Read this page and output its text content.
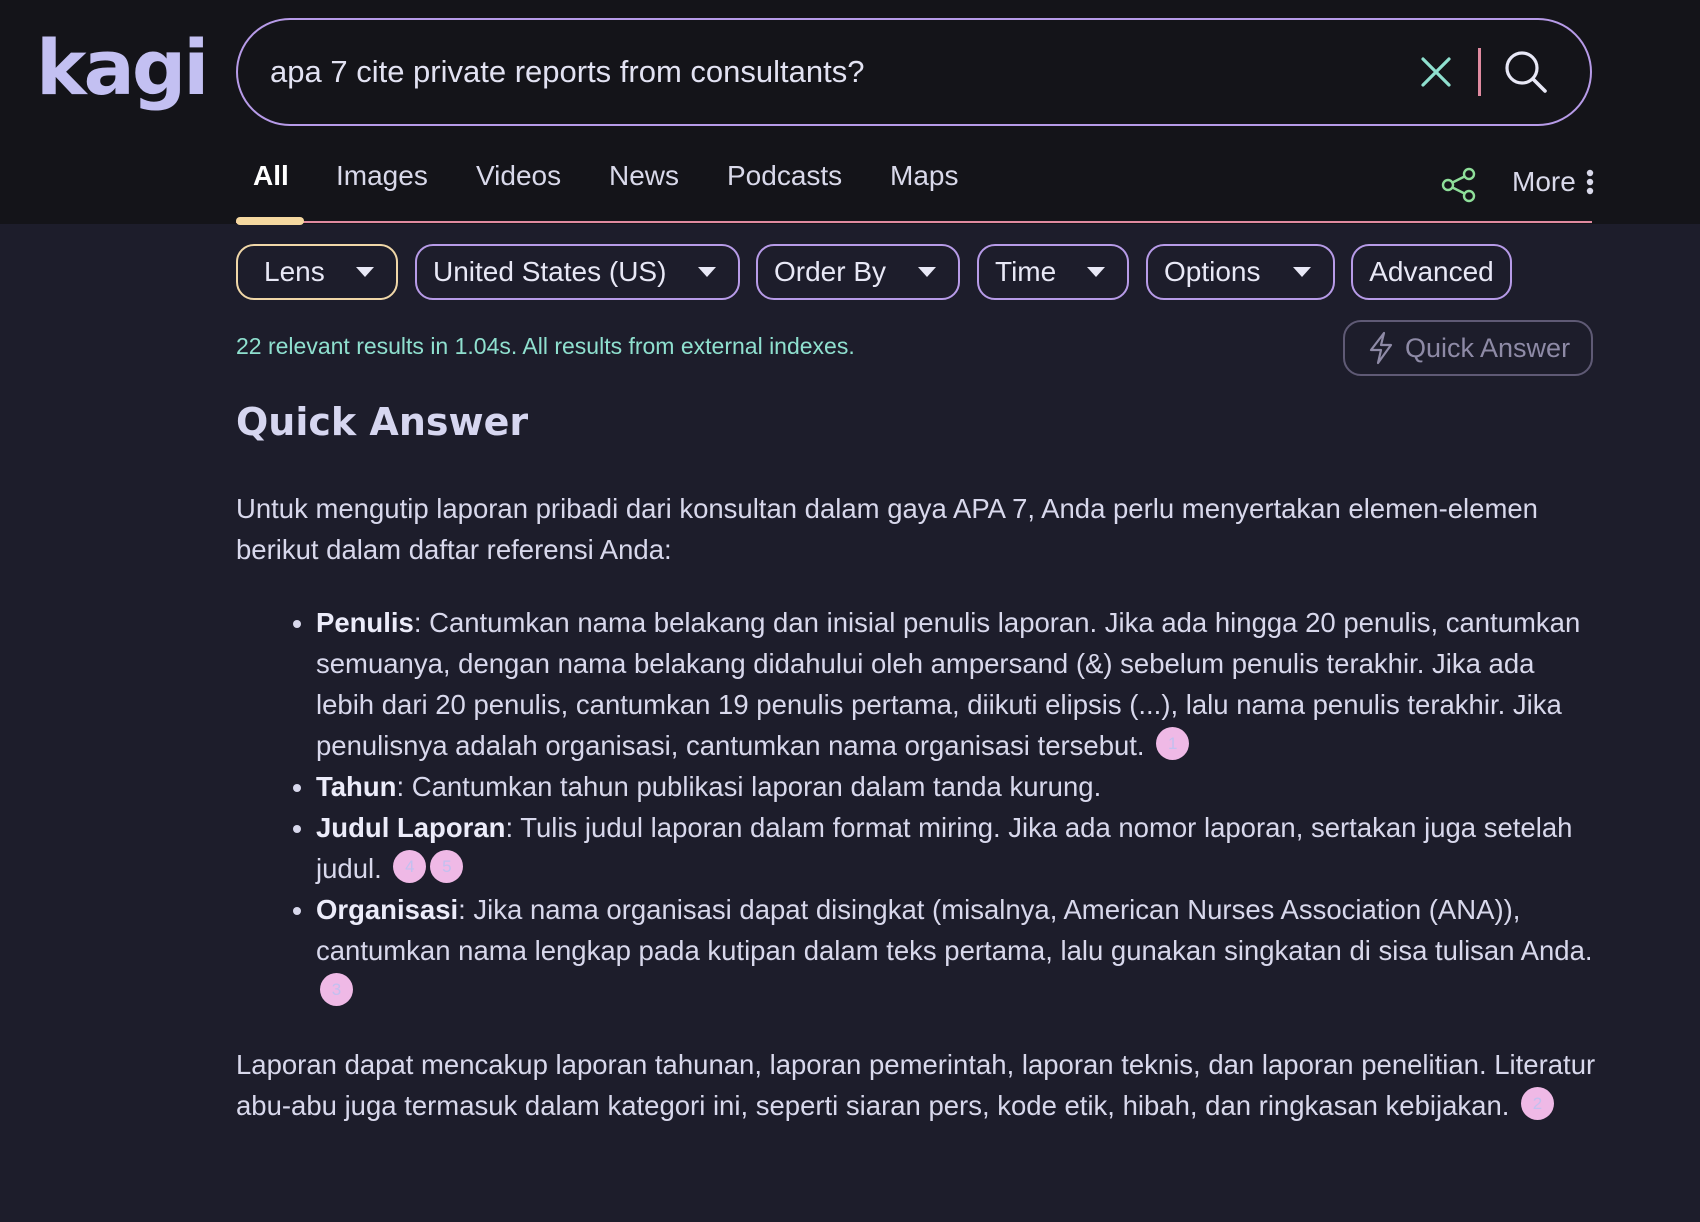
kagi apa 7 cite private reports from consultants?
All Images Videos News Podcasts Maps	More
Lens	United States (US)	Order By	Time	Options	Advanced
22 relevant results in 1.04s. All results from external indexes.	Quick Answer
Quick Answer

Untuk mengutip laporan pribadi dari konsultan dalam gaya APA 7, Anda perlu menyertakan elemen-elemen berikut dalam daftar referensi Anda:

• Penulis: Cantumkan nama belakang dan inisial penulis laporan. Jika ada hingga 20 penulis, cantumkan semuanya, dengan nama belakang didahului oleh ampersand (&) sebelum penulis terakhir. Jika ada lebih dari 20 penulis, cantumkan 19 penulis pertama, diikuti elipsis (...), lalu nama penulis terakhir. Jika penulisnya adalah organisasi, cantumkan nama organisasi tersebut. 1
• Tahun: Cantumkan tahun publikasi laporan dalam tanda kurung.
• Judul Laporan: Tulis judul laporan dalam format miring. Jika ada nomor laporan, sertakan juga setelah judul. 4 5
• Organisasi: Jika nama organisasi dapat disingkat (misalnya, American Nurses Association (ANA)), cantumkan nama lengkap pada kutipan dalam teks pertama, lalu gunakan singkatan di sisa tulisan Anda. 3

Laporan dapat mencakup laporan tahunan, laporan pemerintah, laporan teknis, dan laporan penelitian. Literatur abu-abu juga termasuk dalam kategori ini, seperti siaran pers, kode etik, hibah, dan ringkasan kebijakan. 2
